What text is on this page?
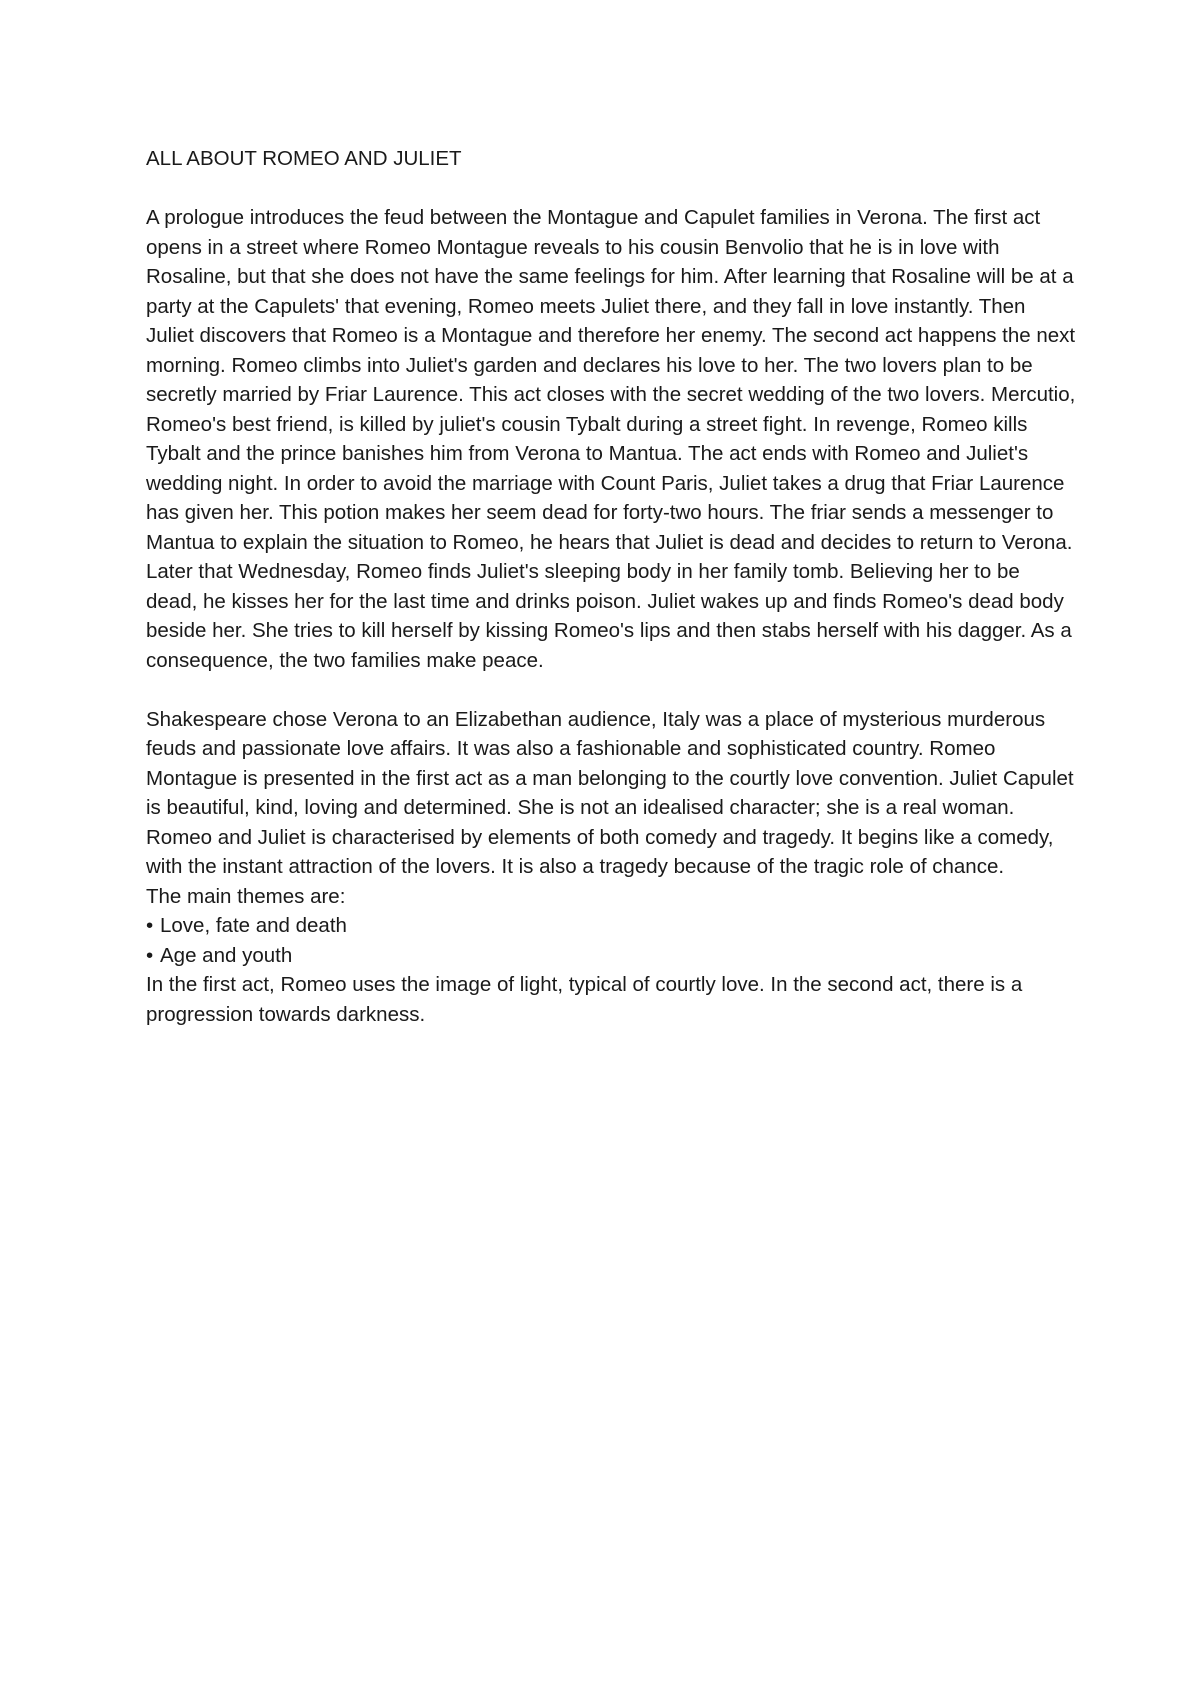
ALL ABOUT ROMEO AND JULIET

A prologue introduces the feud between the Montague and Capulet families in Verona. The first act opens in a street where Romeo Montague reveals to his cousin Benvolio that he is in love with Rosaline, but that she does not have the same feelings for him. After learning that Rosaline will be at a party at the Capulets' that evening, Romeo meets Juliet there, and they fall in love instantly. Then Juliet discovers that Romeo is a Montague and therefore her enemy. The second act happens the next morning. Romeo climbs into Juliet's garden and declares his love to her. The two lovers plan to be secretly married by Friar Laurence. This act closes with the secret wedding of the two lovers. Mercutio, Romeo's best friend, is killed by juliet's cousin Tybalt during a street fight. In revenge, Romeo kills Tybalt and the prince banishes him from Verona to Mantua. The act ends with Romeo and Juliet's wedding night. In order to avoid the marriage with Count Paris, Juliet takes a drug that Friar Laurence has given her. This potion makes her seem dead for forty-two hours. The friar sends a messenger to Mantua to explain the situation to Romeo, he hears that Juliet is dead and decides to return to Verona. Later that Wednesday, Romeo finds Juliet's sleeping body in her family tomb. Believing her to be dead, he kisses her for the last time and drinks poison. Juliet wakes up and finds Romeo's dead body beside her. She tries to kill herself by kissing Romeo's lips and then stabs herself with his dagger. As a consequence, the two families make peace.

Shakespeare chose Verona to an Elizabethan audience, Italy was a place of mysterious murderous feuds and passionate love affairs. It was also a fashionable and sophisticated country. Romeo Montague is presented in the first act as a man belonging to the courtly love convention. Juliet Capulet is beautiful, kind, loving and determined. She is not an idealised character; she is a real woman. Romeo and Juliet is characterised by elements of both comedy and tragedy. It begins like a comedy, with the instant attraction of the lovers. It is also a tragedy because of the tragic role of chance.

The main themes are:

• Love, fate and death
• Age and youth

In the first act, Romeo uses the image of light, typical of courtly love. In the second act, there is a progression towards darkness.
